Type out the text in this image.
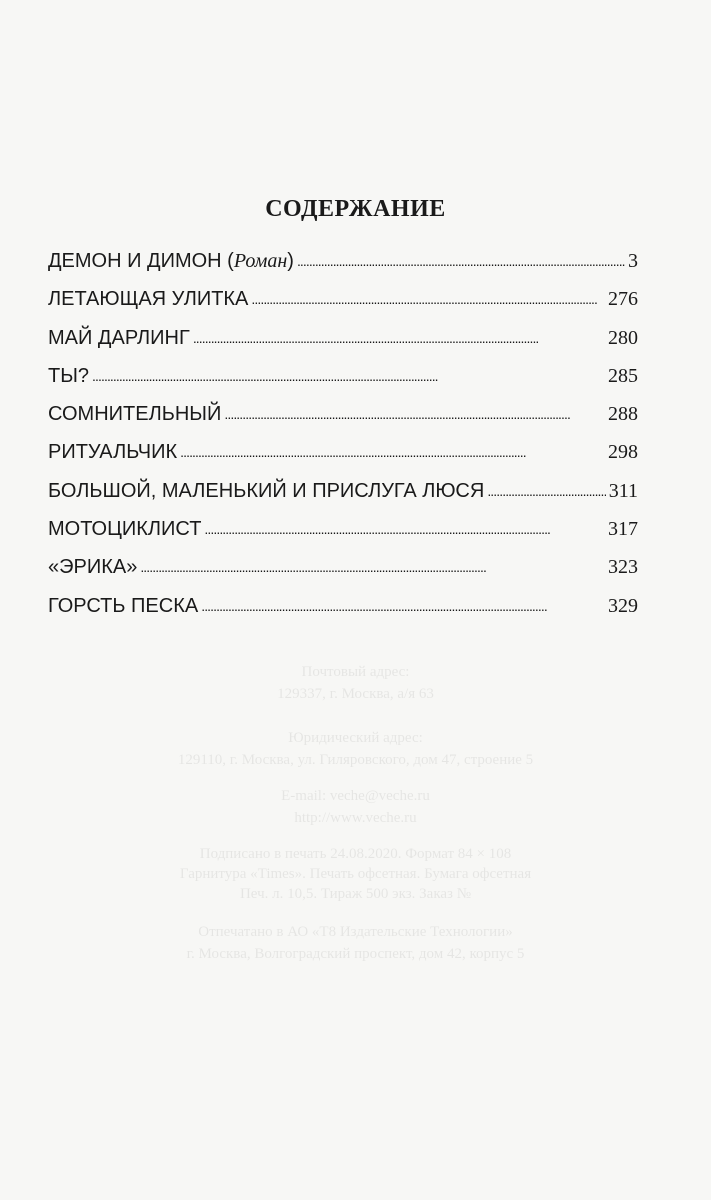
СОДЕРЖАНИЕ
ДЕМОН И ДИМОН (Роман) . . .	3
ЛЕТАЮЩАЯ УЛИТКА . . .	276
МАЙ ДАРЛИНГ . . .	280
ТЫ? . . .	285
СОМНИТЕЛЬНЫЙ . . .	288
РИТУАЛЬЧИК . . .	298
БОЛЬШОЙ, МАЛЕНЬКИЙ И ПРИСЛУГА ЛЮСЯ . . .	311
МОТОЦИКЛИСТ . . .	317
«ЭРИКА» . . .	323
ГОРСТЬ ПЕСКА . . .	329
Почтовый адрес:
129337, г. Москва, а/я 63
Юридический адрес:
129110, г. Москва, ул. Гиляровского, дом 47, строение 5
E-mail: veche@veche.ru
http://www.veche.ru
Подписано в печать 24.08.2020. Формат 84 × 108
Гарнитура «Times». Печать офсетная. Бумага офсетная
Печ. л. 10,5. Тираж 500 экз. Заказ №
Отпечатано в АО «Т8 Издательские Технологии»
г. Москва, Волгоградский проспект, дом 42, корпус 5
